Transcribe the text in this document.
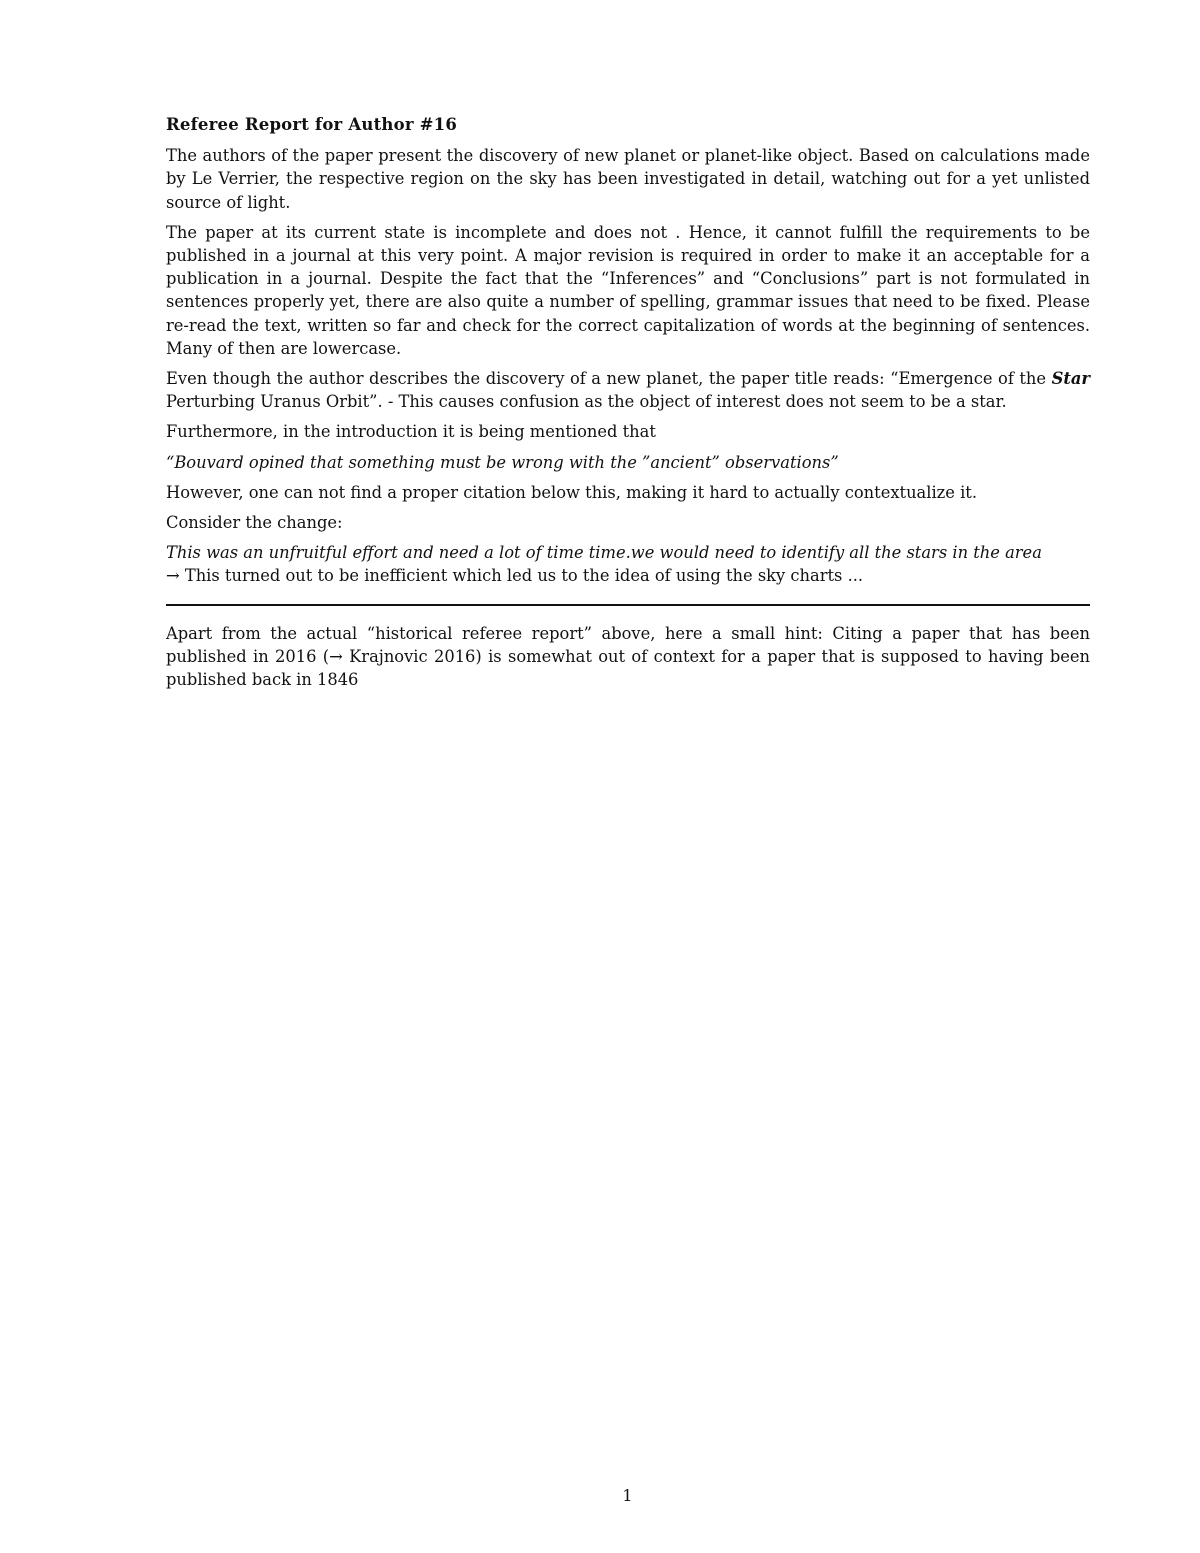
Referee Report for Author #16

The authors of the paper present the discovery of new planet or planet-like object. Based on calculations made by Le Verrier, the respective region on the sky has been investigated in detail, watching out for a yet unlisted source of light.

The paper at its current state is incomplete and does not . Hence, it cannot fulfill the requirements to be published in a journal at this very point. A major revision is required in order to make it an acceptable for a publication in a journal. Despite the fact that the “Inferences” and “Conclusions” part is not formulated in sentences properly yet, there are also quite a number of spelling, grammar issues that need to be fixed. Please re-read the text, written so far and check for the correct capitalization of words at the beginning of sentences. Many of then are lowercase.

Even though the author describes the discovery of a new planet, the paper title reads: “Emergence of the Star Perturbing Uranus Orbit”. - This causes confusion as the object of interest does not seem to be a star.

Furthermore, in the introduction it is being mentioned that

“Bouvard opined that something must be wrong with the ”ancient” observations”

However, one can not find a proper citation below this, making it hard to actually contextualize it.

Consider the change:

This was an unfruitful effort and need a lot of time time.we would need to identify all the stars in the area
→ This turned out to be inefficient which led us to the idea of using the sky charts ...

Apart from the actual “historical referee report” above, here a small hint: Citing a paper that has been published in 2016 (→ Krajnovic 2016) is somewhat out of context for a paper that is supposed to having been published back in 1846

1
